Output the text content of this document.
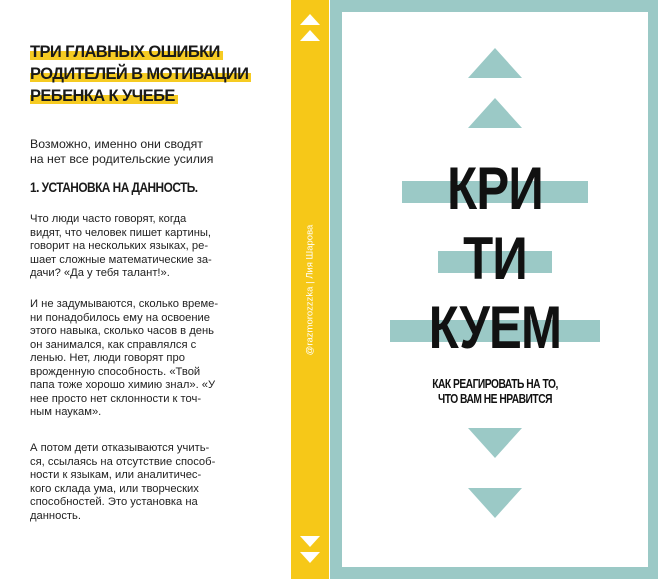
ТРИ ГЛАВНЫХ ОШИБКИ
РОДИТЕЛЕЙ В МОТИВАЦИИ
РЕБЕНКА К УЧЕБЕ
Возможно, именно они сводят
на нет все родительские усилия
1. УСТАНОВКА НА ДАННОСТЬ.
Что люди часто говорят, когда
видят, что человек пишет картины,
говорит на нескольких языках, ре-
шает сложные математические за-
дачи? «Да у тебя талант!».
И не задумываются, сколько време-
ни понадобилось ему на освоение
этого навыка, сколько часов в день
он занимался, как справлялся с
ленью. Нет, люди говорят про
врожденную способность. «Твой
папа тоже хорошо химию знал». «У
нее просто нет склонности к точ-
ным наукам».
А потом дети отказываются учить-
ся, ссылаясь на отсутствие способ-
ности к языкам, или аналитичес-
кого склада ума, или творческих
способностей. Это установка на
данность.
@razmorozzzka | Лия Шарова
КРИ
ТИ
КУЕМ
КАК РЕАГИРОВАТЬ НА ТО,
ЧТО ВАМ НЕ НРАВИТСЯ
